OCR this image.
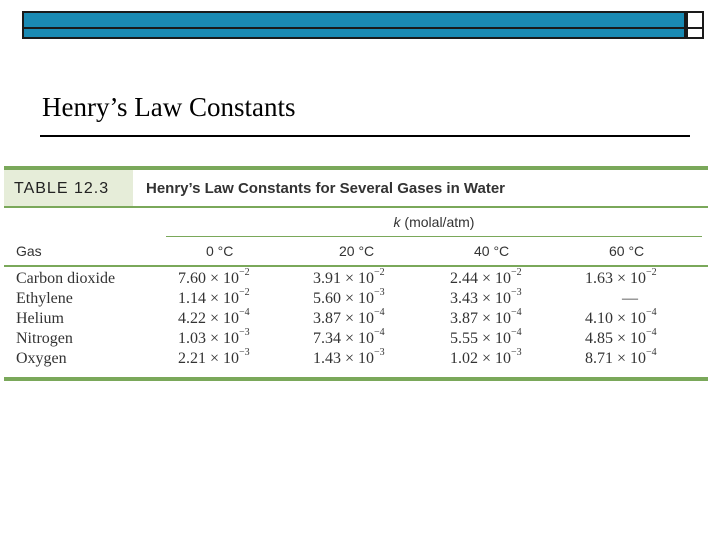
Henry’s Law Constants
TABLE 12.3 Henry’s Law Constants for Several Gases in Water
k (molal/atm)
Gas	0 °C	20 °C	40 °C	60 °C
Carbon dioxide	$7.60 \times 10^{-2}$	$3.91 \times 10^{-2}$	$2.44 \times 10^{-2}$	$1.63 \times 10^{-2}$
Ethylene	$1.14 \times 10^{-2}$	$5.60 \times 10^{-3}$	$3.43 \times 10^{-3}$	—
Helium	$4.22 \times 10^{-4}$	$3.87 \times 10^{-4}$	$3.87 \times 10^{-4}$	$4.10 \times 10^{-4}$
Nitrogen	$1.03 \times 10^{-3}$	$7.34 \times 10^{-4}$	$5.55 \times 10^{-4}$	$4.85 \times 10^{-4}$
Oxygen	$2.21 \times 10^{-3}$	$1.43 \times 10^{-3}$	$1.02 \times 10^{-3}$	$8.71 \times 10^{-4}$
